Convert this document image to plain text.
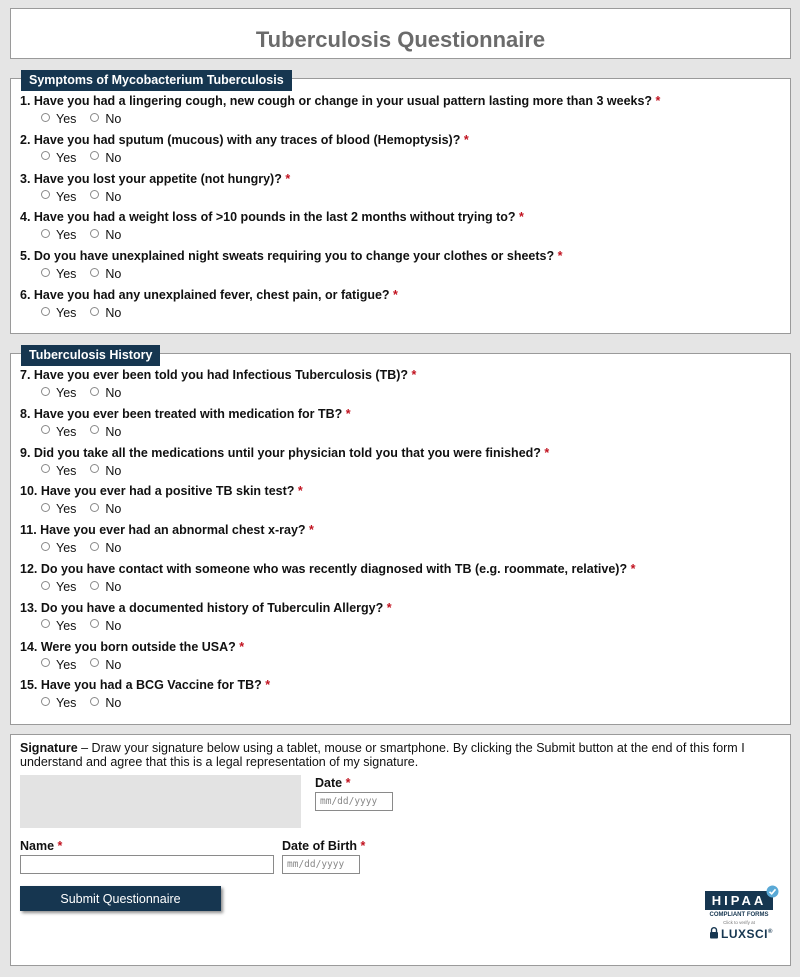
Tuberculosis Questionnaire
Symptoms of Mycobacterium Tuberculosis
1. Have you had a lingering cough, new cough or change in your usual pattern lasting more than 3 weeks? *
Yes No
2. Have you had sputum (mucous) with any traces of blood (Hemoptysis)? *
Yes No
3. Have you lost your appetite (not hungry)? *
Yes No
4. Have you had a weight loss of >10 pounds in the last 2 months without trying to? *
Yes No
5. Do you have unexplained night sweats requiring you to change your clothes or sheets? *
Yes No
6. Have you had any unexplained fever, chest pain, or fatigue? *
Yes No
Tuberculosis History
7. Have you ever been told you had Infectious Tuberculosis (TB)? *
Yes No
8. Have you ever been treated with medication for TB? *
Yes No
9. Did you take all the medications until your physician told you that you were finished? *
Yes No
10. Have you ever had a positive TB skin test? *
Yes No
11. Have you ever had an abnormal chest x-ray? *
Yes No
12. Do you have contact with someone who was recently diagnosed with TB (e.g. roommate, relative)? *
Yes No
13. Do you have a documented history of Tuberculin Allergy? *
Yes No
14. Were you born outside the USA? *
Yes No
15. Have you had a BCG Vaccine for TB? *
Yes No
Signature – Draw your signature below using a tablet, mouse or smartphone. By clicking the Submit button at the end of this form I understand and agree that this is a legal representation of my signature.
Date *
mm/dd/yyyy
Name *	Date of Birth *
mm/dd/yyyy
Submit Questionnaire	HIPAA
COMPLIANT FORMS
Click to verify at
LUXSCI®
